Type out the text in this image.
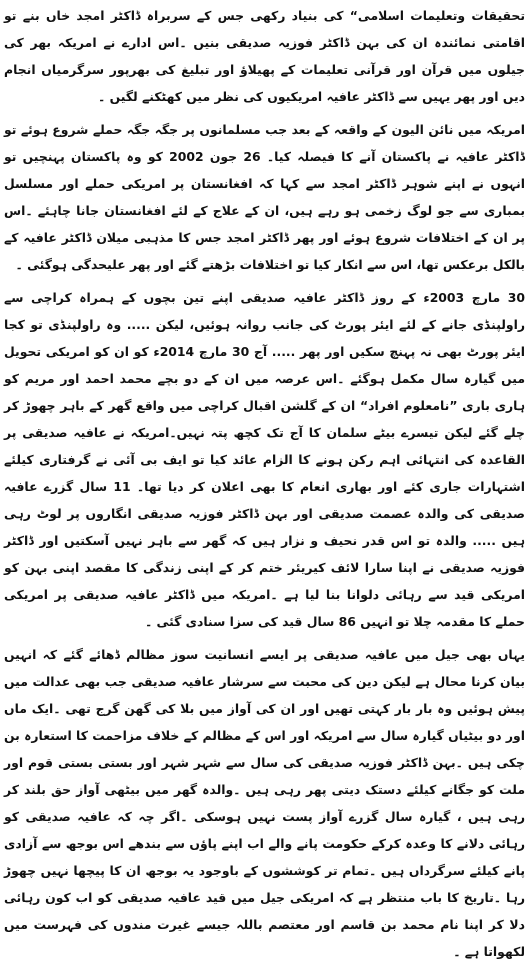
تحقیقات وتعلیمات اسلامی“ کی بنیاد رکھی جس کے سربراہ ڈاکٹر امجد خاں بنے تو اقامتی نمائندہ ان کی بہن ڈاکٹر فوزیہ صدیقی بنیں ۔اس ادارے نے امریکہ بھر کی جیلوں میں قرآن اور قرآنی تعلیمات کے پھیلاؤ اور تبلیغ کی بھرپور سرگرمیاں انجام دیں اور پھر یہیں سے ڈاکٹر عافیہ امریکیوں کی نظر میں کھٹکنے لگیں ۔

امریکہ میں نائن الیون کے واقعہ کے بعد جب مسلمانوں پر جگہ جگہ حملے شروع ہوئے تو ڈاکٹر عافیہ نے پاکستان آنے کا فیصلہ کیا۔ 26 جون 2002 کو وہ پاکستان پہنچیں تو انہوں نے اپنے شوہر ڈاکٹر امجد سے کہا کہ افغانستان پر امریکی حملے اور مسلسل بمباری سے جو لوگ زخمی ہو رہے ہیں، ان کے علاج کے لئے افغانستان جانا چاہئے ۔اس پر ان کے اختلافات شروع ہوئے اور پھر ڈاکٹر امجد جس کا مذہبی میلان ڈاکٹر عافیہ کے بالکل برعکس تھا، اس سے انکار کیا تو اختلافات بڑھتے گئے اور پھر علیحدگی ہوگئی ۔

30 مارچ 2003ء کے روز ڈاکٹر عافیہ صدیقی اپنے تین بچوں کے ہمراہ کراچی سے راولپنڈی جانے کے لئے ایئر پورٹ کی جانب روانہ ہوئیں، لیکن ..... وہ راولپنڈی تو کجا ایئر پورٹ بھی نہ پہنچ سکیں اور پھر ..... آج 30 مارچ 2014ء کو ان کو امریکی تحویل میں گیارہ سال مکمل ہوگئے ۔اس عرصہ میں ان کے دو بچے محمد احمد اور مریم کو ہاری باری ”نامعلوم افراد“ ان کے گلشن اقبال کراچی میں واقع گھر کے باہر چھوڑ کر چلے گئے لیکن تیسرے بیٹے سلمان کا آج تک کچھ پتہ نہیں۔امریکہ نے عافیہ صدیقی پر القاعدہ کی انتہائی اہم رکن ہونے کا الزام عائد کیا تو ایف بی آئی نے گرفتاری کیلئے اشتہارات جاری کئے اور بھاری انعام کا بھی اعلان کر دیا تھا۔ 11 سال گزرے عافیہ صدیقی کی والدہ عصمت صدیقی اور بہن ڈاکٹر فوزیہ صدیقی انگاروں پر لوٹ رہی ہیں ..... والدہ تو اس قدر نحیف و نزار ہیں کہ گھر سے باہر نہیں آسکتیں اور ڈاکٹر فوزیہ صدیقی نے اپنا سارا لائف کیریئر ختم کر کے اپنی زندگی کا مقصد اپنی بہن کو امریکی قید سے رہائی دلوانا بنا لیا ہے ۔امریکہ میں ڈاکٹر عافیہ صدیقی پر امریکی حملے کا مقدمہ چلا تو انہیں 86 سال قید کی سزا سنادی گئی ۔

یہاں بھی جیل میں عافیہ صدیقی پر ایسے انسانیت سوز مظالم ڈھائے گئے کہ انہیں بیان کرنا محال ہے لیکن دین کی محبت سے سرشار عافیہ صدیقی جب بھی عدالت میں پیش ہوئیں وہ بار بار کہتی تھیں اور ان کی آواز میں بلا کی گھن گرج تھی ۔ایک ماں اور دو بیٹیاں گیارہ سال سے امریکہ اور اس کے مظالم کے خلاف مزاحمت کا استعارہ بن چکی ہیں ۔بہن ڈاکٹر فوزیہ صدیقی کی سال سے شہر شہر اور بستی بستی قوم اور ملت کو جگانے کیلئے دستک دیتی پھر رہی ہیں ۔والدہ گھر میں بیٹھی آواز حق بلند کر رہی ہیں ، گیارہ سال گزرے آواز پست نہیں ہوسکی ۔اگر چہ کہ عافیہ صدیقی کو رہائی دلانے کا وعدہ کرکے حکومت پانے والے اب اپنے پاؤں سے بندھے اس بوجھ سے آزادی پانے کیلئے سرگرداں ہیں ۔تمام تر کوششوں کے باوجود یہ بوجھ ان کا پیچھا نہیں چھوڑ رہا ۔تاریخ کا باب منتظر ہے کہ امریکی جیل میں قید عافیہ صدیقی کو اب کون رہائی دلا کر اپنا نام محمد بن قاسم اور معتصم باللہ جیسے غیرت مندوں کی فہرست میں لکھواتا ہے ۔
